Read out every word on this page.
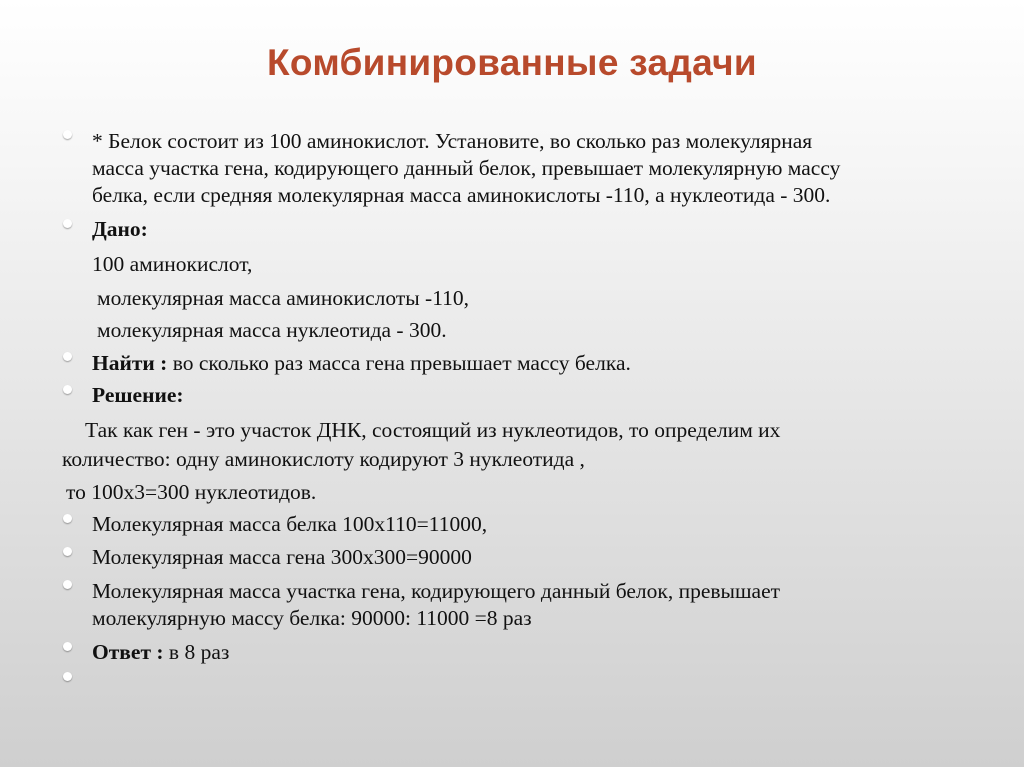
Комбинированные задачи
* Белок состоит из 100 аминокислот. Установите, во сколько раз молекулярная
масса участка гена, кодирующего данный белок, превышает молекулярную массу
белка, если средняя молекулярная масса аминокислоты -110, а нуклеотида - 300.
Дано:
100 аминокислот,
молекулярная масса аминокислоты -110,
молекулярная масса нуклеотида - 300.
Найти : во сколько раз масса гена превышает массу белка.
Решение:
Так как ген - это участок ДНК, состоящий из нуклеотидов, то определим их
количество: одну аминокислоту кодируют 3 нуклеотида ,
то 100х3=300 нуклеотидов.
Молекулярная масса белка 100х110=11000,
Молекулярная масса гена 300х300=90000
Молекулярная масса участка гена, кодирующего данный белок, превышает
молекулярную массу белка: 90000: 11000 =8 раз
Ответ : в 8 раз
